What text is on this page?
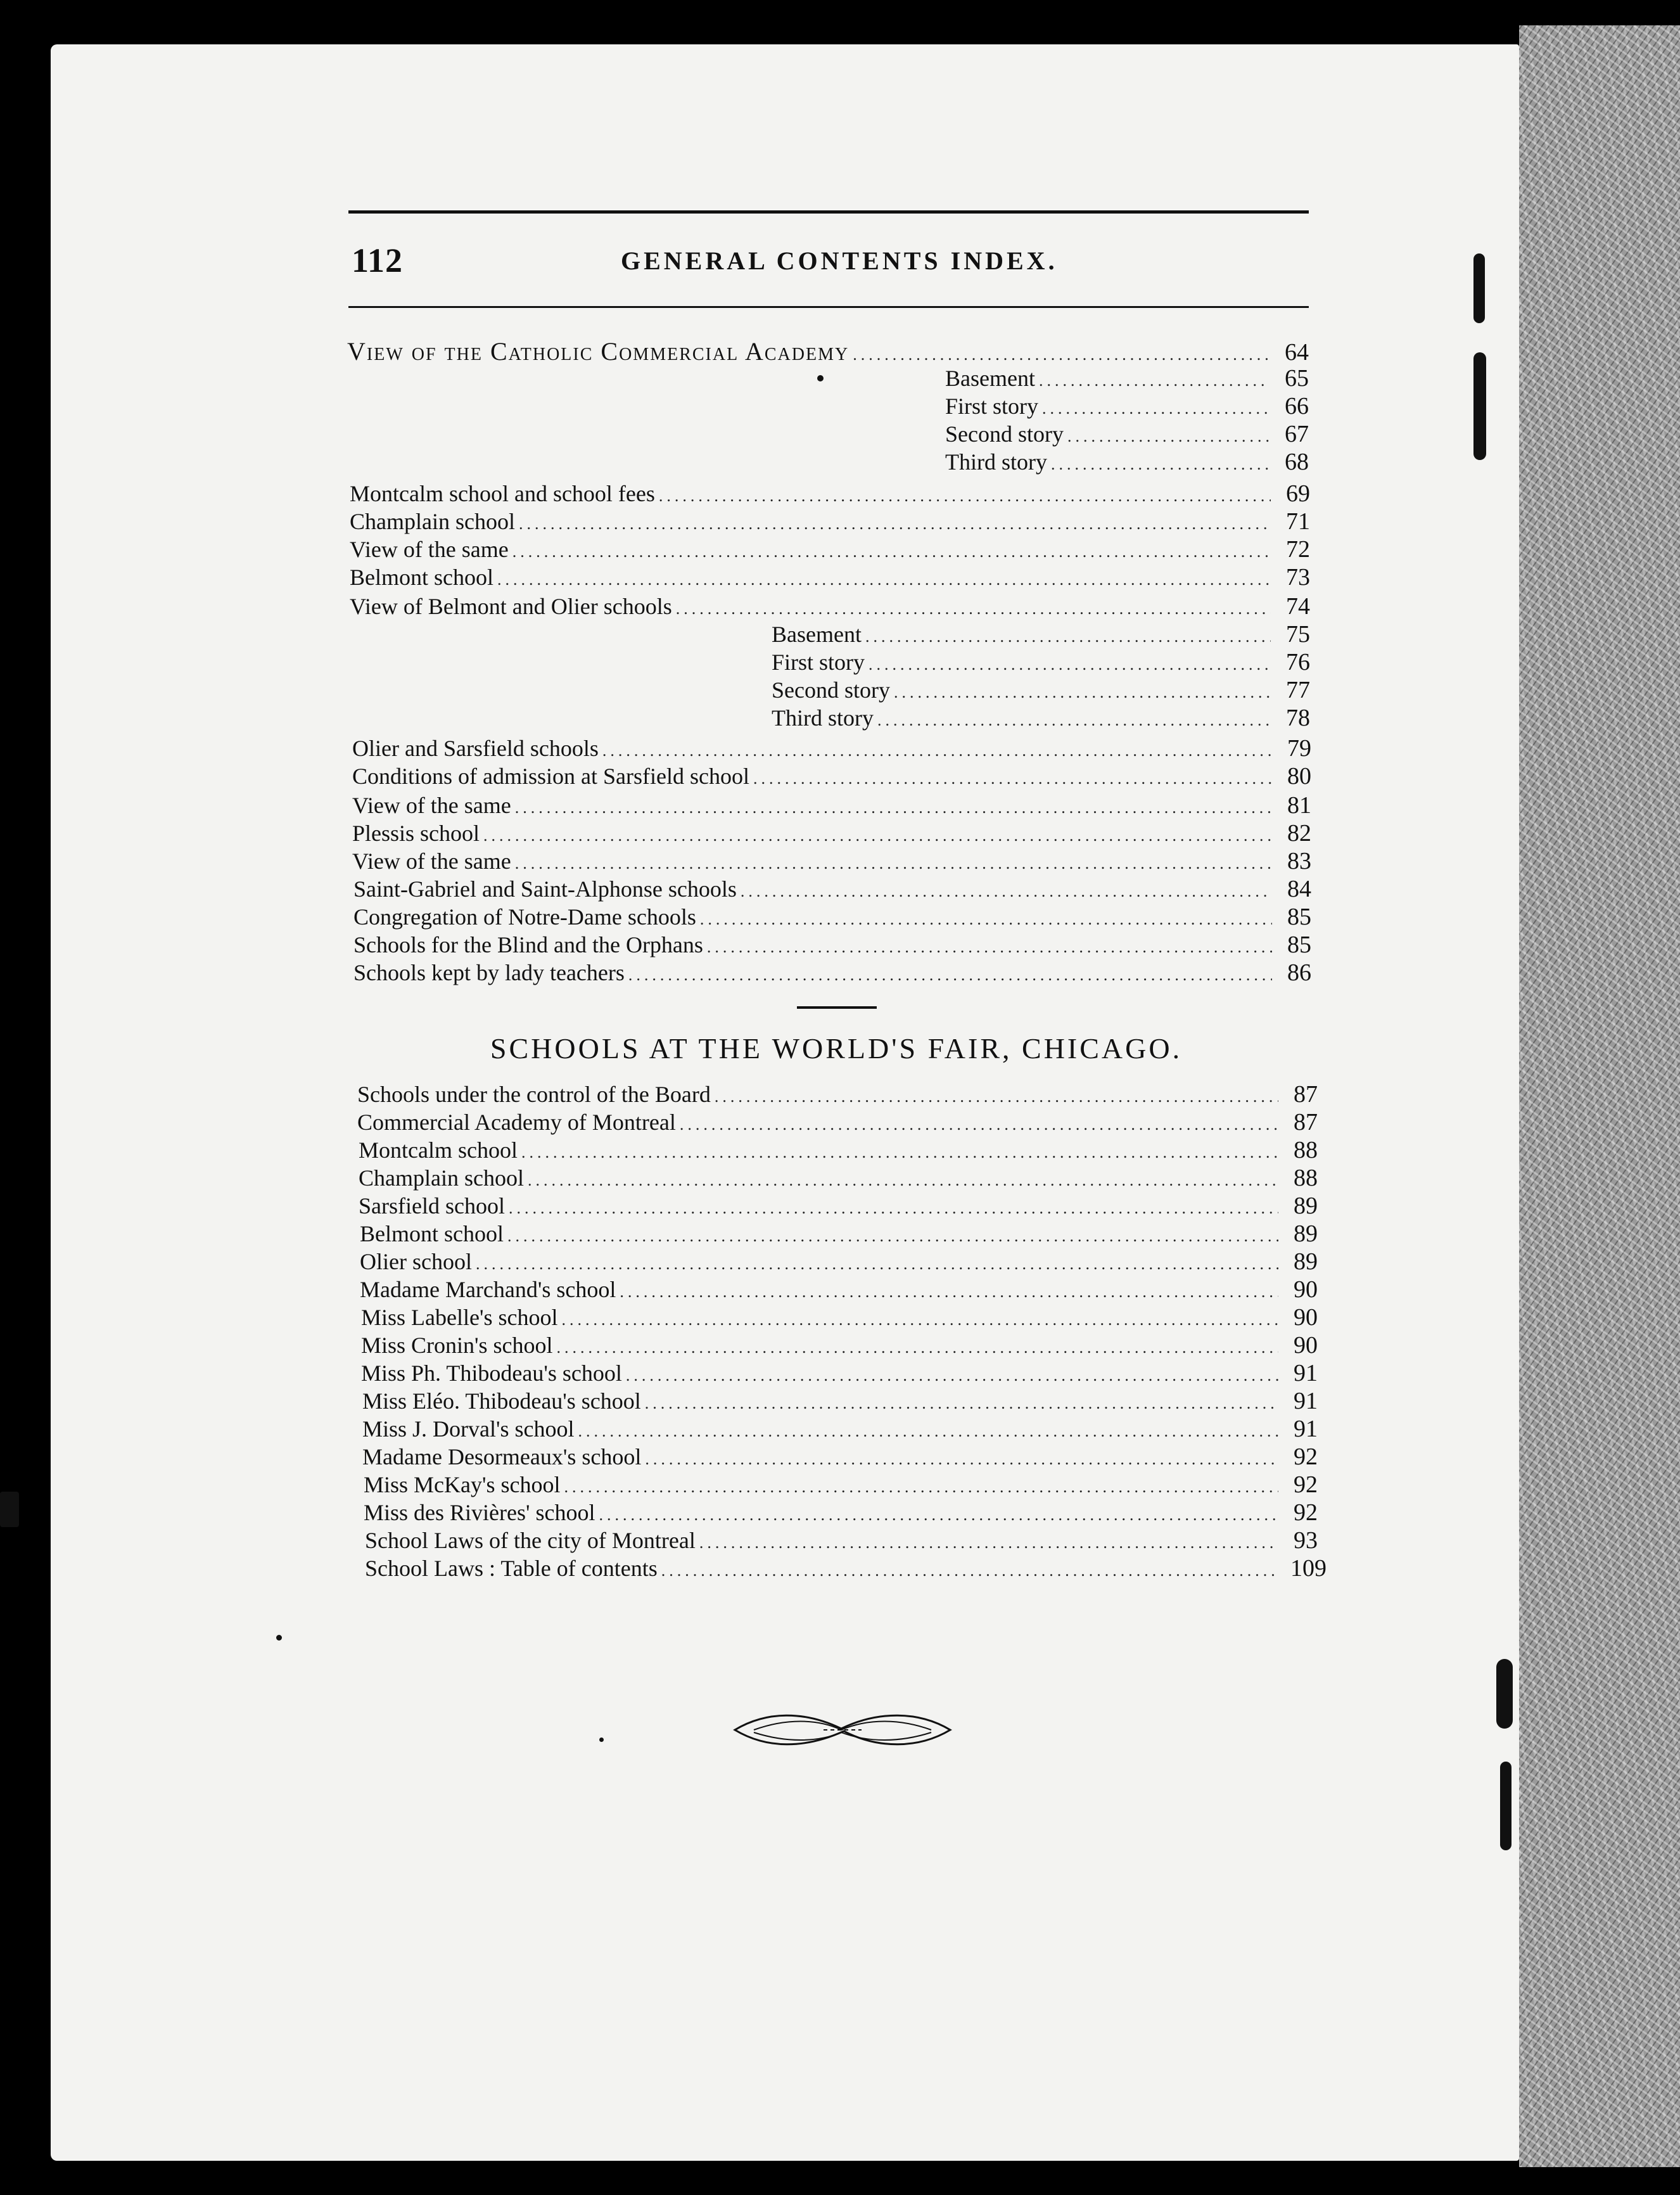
112	GENERAL CONTENTS INDEX.
View of the Catholic Commercial Academy .....	64
Basement .....	65
First story .....	66
Second story .....	67
Third story .....	68
Montcalm school and school fees .....	69
Champlain school .....	71
View of the same .....	72
Belmont school .....	73
View of Belmont and Olier schools .....	74
Basement .....	75
First story .....	76
Second story .....	77
Third story .....	78
Olier and Sarsfield schools .....	79
Conditions of admission at Sarsfield school .....	80
View of the same .....	81
Plessis school .....	82
View of the same .....	83
Saint-Gabriel and Saint-Alphonse schools .....	84
Congregation of Notre-Dame schools .....	85
Schools for the Blind and the Orphans .....	85
Schools kept by lady teachers .....	86
SCHOOLS AT THE WORLD'S FAIR, CHICAGO.
Schools under the control of the Board .....	87
Commercial Academy of Montreal .....	87
Montcalm school .....	88
Champlain school .....	88
Sarsfield school .....	89
Belmont school .....	89
Olier school .....	89
Madame Marchand's school .....	90
Miss Labelle's school .....	90
Miss Cronin's school .....	90
Miss Ph. Thibodeau's school .....	91
Miss Eléo. Thibodeau's school .....	91
Miss J. Dorval's school .....	91
Madame Desormeaux's school .....	92
Miss McKay's school .....	92
Miss des Rivières' school .....	92
School Laws of the city of Montreal .....	93
School Laws : Table of contents .....	109
